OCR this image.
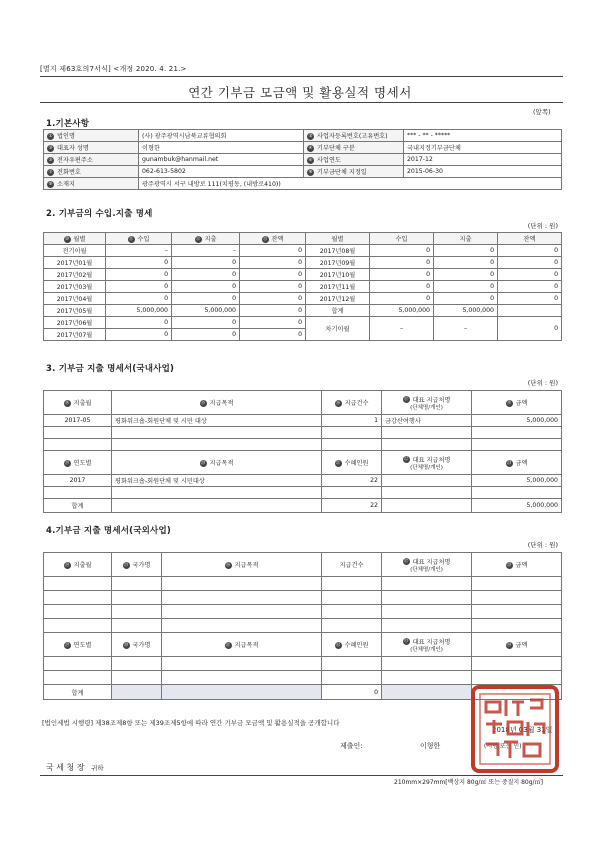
[별지 제63호의7서식] <개정 2020. 4. 21.>
연간 기부금 모금액 및 활용실적 명세서
(앞쪽)
1.기본사항
① 법인명	(사) 광주광역시남북교류협의회	② 사업자등록번호(고유번호)	*** - ** - *****
③ 대표자 성명	이형한	④ 기부단체 구분	국내지정기부금단체
⑤ 전자우편주소	gunambuk@hanmail.net	⑥ 사업연도	2017-12
⑦ 전화번호	062-613-5802	⑧ 기부금단체 지정일	2015-06-30
⑨ 소재지	광주광역시 서구 내방로 111(치평동, (내방로410))		
2. 기부금의 수입.지출 명세
(단위 : 원)
⑩ 월별	⑪ 수입	⑫ 지출	⑬ 잔액	월별	수입	지출	잔액
전기이월	–	–	0	2017년08월	0	0	0
2017년01월	0	0	0	2017년09월	0	0	0
2017년02월	0	0	0	2017년10월	0	0	0
2017년03월	0	0	0	2017년11월	0	0	0
2017년04월	0	0	0	2017년12월	0	0	0
2017년05월	5,000,000	5,000,000	0	합계	5,000,000	5,000,000	
2017년06월	0	0	0	차기이월	–	–	0
2017년07월	0	0	0				
3. 기부금 지출 명세서(국내사업)
(단위 : 원)
⑭ 지출월	⑮ 지급목적	⑯ 지급건수	⑰ 대표 지급처명
(단체명/개인)	⑱ 금액
2017-05	평화워크숍-회원단체 및 시민 대상	1	금강산여행사	5,000,000

⑲ 연도별	⑳ 지급목적	㉑ 수혜인원	㉒ 대표 지급처명
(단체명/개인)	㉓ 금액
2017	평화워크숍-회원단체 및 시민대상	22		5,000,000

합계		22		5,000,000
4.기부금 지출 명세서(국외사업)
(단위 : 원)
㉔ 지출월	㉕ 국가명	㉖ 지급목적	지급건수	㉗ 대표 지급처명
(단체명/개인)	㉘ 금액

㉙ 연도별	㉚ 국가명	㉛ 지급목적	㉜ 수혜인원	㉝ 대표 지급처명
(단체명/개인)	㉞ 금액

합계			0		0
[법인세법 시행령] 제38조제8항 또는 제39조제5항에 따라 연간 기부금 모금액 및 활용실적을 공개합니다
2018년 03월 31일
제출인:	이형한	(서명 또는 인)
국 세 청 장 귀하
210mm×297mm[백상지 80g/㎡ 또는 중질지 80g/㎡]
